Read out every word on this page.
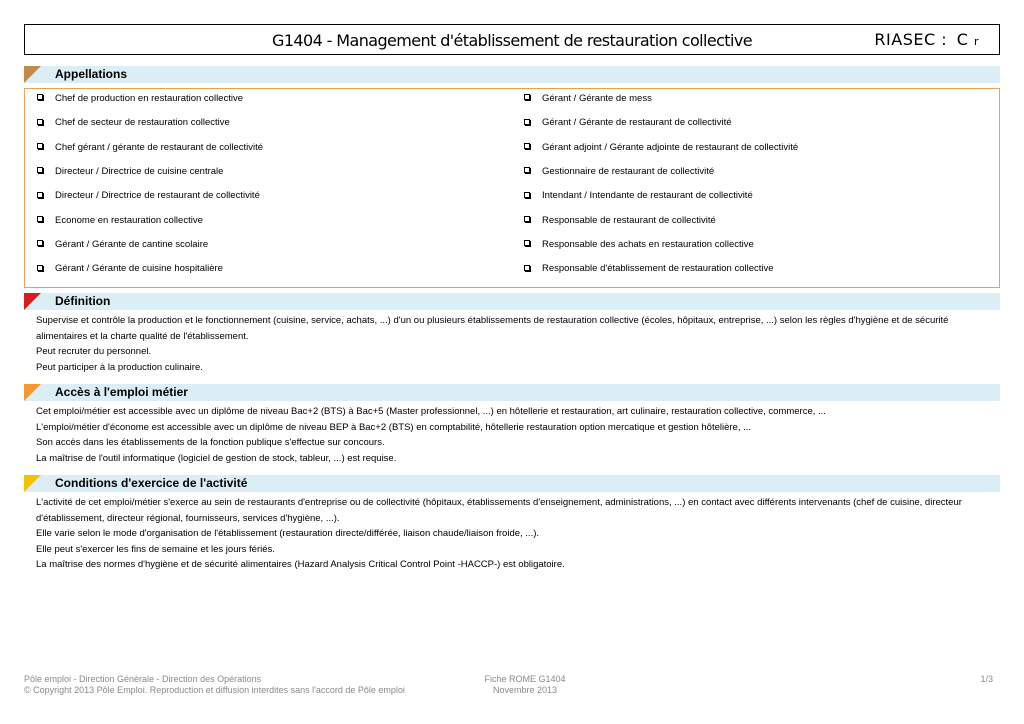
G1404 - Management d'établissement de restauration collective	RIASEC : C r
Appellations
Chef de production en restauration collective
Chef de secteur de restauration collective
Chef gérant / gérante de restaurant de collectivité
Directeur / Directrice de cuisine centrale
Directeur / Directrice de restaurant de collectivité
Econome en restauration collective
Gérant / Gérante de cantine scolaire
Gérant / Gérante de cuisine hospitalière
Gérant / Gérante de mess
Gérant / Gérante de restaurant de collectivité
Gérant adjoint / Gérante adjointe de restaurant de collectivité
Gestionnaire de restaurant de collectivité
Intendant / Intendante de restaurant de collectivité
Responsable de restaurant de collectivité
Responsable des achats en restauration collective
Responsable d'établissement de restauration collective
Définition

Supervise et contrôle la production et le fonctionnement (cuisine, service, achats, ...) d'un ou plusieurs établissements de restauration collective (écoles, hôpitaux, entreprise, ...) selon les règles d'hygiène et de sécurité

alimentaires et la charte qualité de l'établissement.

Peut recruter du personnel.

Peut participer à la production culinaire.

Accès à l'emploi métier

Cet emploi/métier est accessible avec un diplôme de niveau Bac+2 (BTS) à Bac+5 (Master professionnel, ...) en hôtellerie et restauration, art culinaire, restauration collective, commerce, ...

L'emploi/métier d'économe est accessible avec un diplôme de niveau BEP à Bac+2 (BTS) en comptabilité, hôtellerie restauration option mercatique et gestion hôtelière, ...

Son accès dans les établissements de la fonction publique s'effectue sur concours.

La maîtrise de l'outil informatique (logiciel de gestion de stock, tableur, ...) est requise.

Conditions d'exercice de l'activité

L'activité de cet emploi/métier s'exerce au sein de restaurants d'entreprise ou de collectivité (hôpitaux, établissements d'enseignement, administrations, ...) en contact avec différents intervenants (chef de cuisine, directeur

d'établissement, directeur régional, fournisseurs, services d'hygiène, ...).

Elle varie selon le mode d'organisation de l'établissement (restauration directe/différée, liaison chaude/liaison froide, ...).

Elle peut s'exercer les fins de semaine et les jours fériés.

La maîtrise des normes d'hygiène et de sécurité alimentaires (Hazard Analysis Critical Control Point -HACCP-) est obligatoire.

Pôle emploi - Direction Générale - Direction des Opérations
© Copyright 2013 Pôle Emploi. Reproduction et diffusion interdites sans l'accord de Pôle emploi
Fiche ROME G1404
Novembre 2013
1/3
